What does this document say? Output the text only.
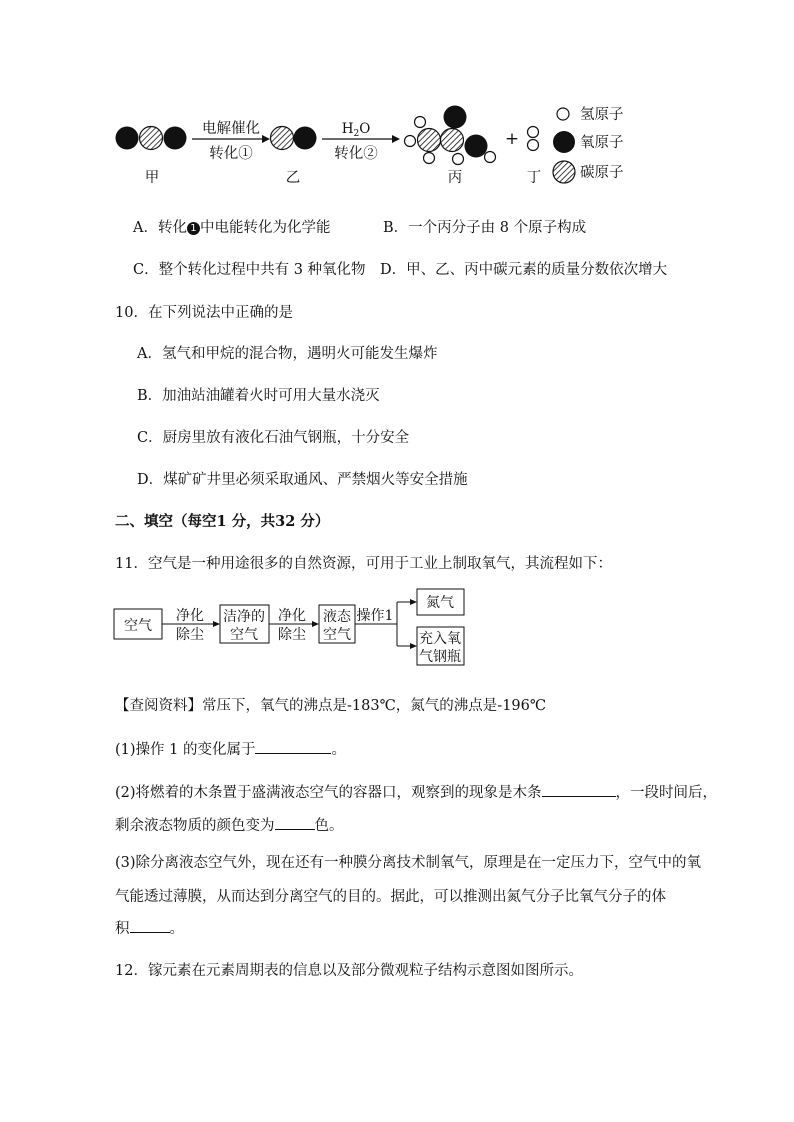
电解催化
转化①
$H_2O$
转化②
+
甲	乙	丙	丁
氢原子
氧原子
碳原子
A．转化 1 中电能转化为化学能	B．一个丙分子由 8 个原子构成
C．整个转化过程中共有 3 种氧化物 D．甲、乙、丙中碳元素的质量分数依次增大
10．在下列说法中正确的是
A．氢气和甲烷的混合物，遇明火可能发生爆炸
B．加油站油罐着火时可用大量水浇灭
C．厨房里放有液化石油气钢瓶，十分安全
D．煤矿矿井里必须采取通风、严禁烟火等安全措施
二、填空（每空1 分，共32 分）
11．空气是一种用途很多的自然资源，可用于工业上制取氧气，其流程如下：
空气
净化
除尘
洁净的
空气
净化
除尘
液态
空气
操作1
氮气
充入氧
气钢瓶
【查阅资料】常压下，氧气的沸点是-183℃，氮气的沸点是-196℃
(1)操作 1 的变化属于	。
(2)将燃着的木条置于盛满液态空气的容器口，观察到的现象是木条	，一段时间后，
剩余液态物质的颜色变为	色。
(3)除分离液态空气外，现在还有一种膜分离技术制氧气，原理是在一定压力下，空气中的氧
气能透过薄膜，从而达到分离空气的目的。据此，可以推测出氮气分子比氧气分子的体
积	。
12．镓元素在元素周期表的信息以及部分微观粒子结构示意图如图所示。
